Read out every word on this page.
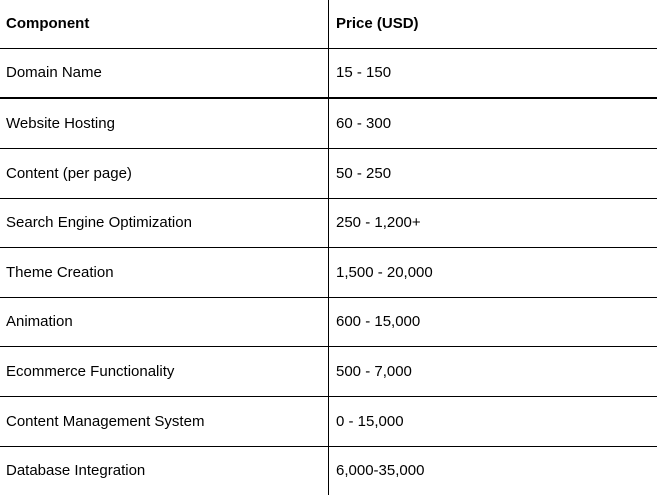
Component	Price (USD)
Domain Name	15 - 150
Website Hosting	60 - 300
Content (per page)	50 - 250
Search Engine Optimization	250 - 1,200+
Theme Creation	1,500 - 20,000
Animation	600 - 15,000
Ecommerce Functionality	500 - 7,000
Content Management System	0 - 15,000
Database Integration	6,000-35,000
